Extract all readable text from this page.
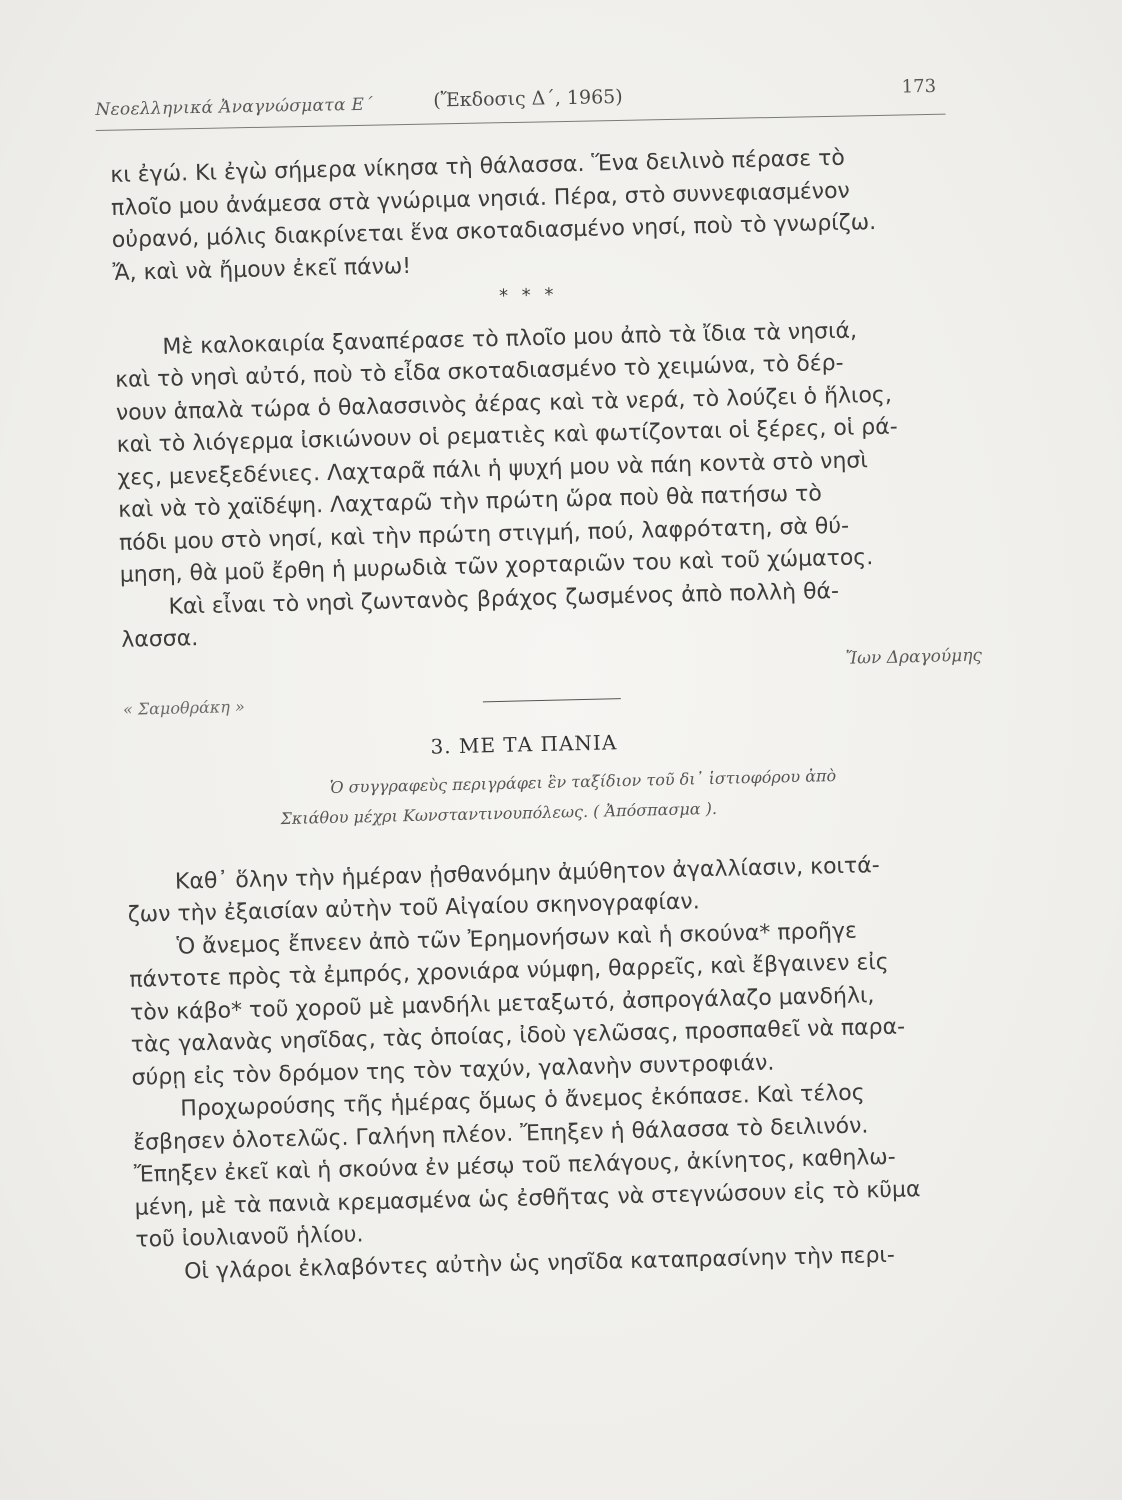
Νεοελληνικά Ἀναγνώσματα Ε΄	(Ἔκδοσις Δ΄, 1965)	173
κι ἐγώ. Κι ἐγὼ σήμερα νίκησα τὴ θάλασσα. Ἕνα δειλινὸ πέρασε τὸ
πλοῖο μου ἀνάμεσα στὰ γνώριμα νησιά. Πέρα, στὸ συννεφιασμένον
οὐρανό, μόλις διακρίνεται ἕνα σκοταδιασμένο νησί, ποὺ τὸ γνωρίζω.
Ἄ, καὶ νὰ ἤμουν ἐκεῖ πάνω!
* * *
Μὲ καλοκαιρία ξαναπέρασε τὸ πλοῖο μου ἀπὸ τὰ ἴδια τὰ νησιά,
καὶ τὸ νησὶ αὐτό, ποὺ τὸ εἶδα σκοταδιασμένο τὸ χειμώνα, τὸ δέρ-
νουν ἁπαλὰ τώρα ὁ θαλασσινὸς ἀέρας καὶ τὰ νερά, τὸ λούζει ὁ ἥλιος,
καὶ τὸ λιόγερμα ἰσκιώνουν οἱ ρεματιὲς καὶ φωτίζονται οἱ ξέρες, οἱ ρά-
χες, μενεξεδένιες. Λαχταρᾶ πάλι ἡ ψυχή μου νὰ πάη κοντὰ στὸ νησὶ
καὶ νὰ τὸ χαϊδέψη. Λαχταρῶ τὴν πρώτη ὥρα ποὺ θὰ πατήσω τὸ
πόδι μου στὸ νησί, καὶ τὴν πρώτη στιγμή, πού, λαφρότατη, σὰ θύ-
μηση, θὰ μοῦ ἔρθη ἡ μυρωδιὰ τῶν χορταριῶν του καὶ τοῦ χώματος.
Καὶ εἶναι τὸ νησὶ ζωντανὸς βράχος ζωσμένος ἀπὸ πολλὴ θά-
λασσα.
Ἴων Δραγούμης
« Σαμοθράκη »
3. ΜΕ ΤΑ ΠΑΝΙΑ
Ὁ συγγραφεὺς περιγράφει ἓν ταξίδιον τοῦ δι᾽ ἱστιοφόρου ἀπὸ
Σκιάθου μέχρι Κωνσταντινουπόλεως. ( Ἀπόσπασμα ).
Καθ᾽ ὅλην τὴν ἡμέραν ᾐσθανόμην ἀμύθητον ἀγαλλίασιν, κοιτά-
ζων τὴν ἐξαισίαν αὐτὴν τοῦ Αἰγαίου σκηνογραφίαν.
Ὁ ἄνεμος ἔπνεεν ἀπὸ τῶν Ἐρημονήσων καὶ ἡ σκούνα* προῆγε
πάντοτε πρὸς τὰ ἐμπρός, χρονιάρα νύμφη, θαρρεῖς, καὶ ἔβγαινεν εἰς
τὸν κάβο* τοῦ χοροῦ μὲ μανδήλι μεταξωτό, ἀσπρογάλαζο μανδήλι,
τὰς γαλανὰς νησῖδας, τὰς ὁποίας, ἰδοὺ γελῶσας, προσπαθεῖ νὰ παρα-
σύρῃ εἰς τὸν δρόμον της τὸν ταχύν, γαλανὴν συντροφιάν.
Προχωρούσης τῆς ἡμέρας ὅμως ὁ ἄνεμος ἐκόπασε. Καὶ τέλος
ἔσβησεν ὁλοτελῶς. Γαλήνη πλέον. Ἔπηξεν ἡ θάλασσα τὸ δειλινόν.
Ἔπηξεν ἐκεῖ καὶ ἡ σκούνα ἐν μέσῳ τοῦ πελάγους, ἀκίνητος, καθηλω-
μένη, μὲ τὰ πανιὰ κρεμασμένα ὡς ἐσθῆτας νὰ στεγνώσουν εἰς τὸ κῦμα
τοῦ ἰουλιανοῦ ἡλίου.
Οἱ γλάροι ἐκλαβόντες αὐτὴν ὡς νησῖδα καταπρασίνην τὴν περι-
